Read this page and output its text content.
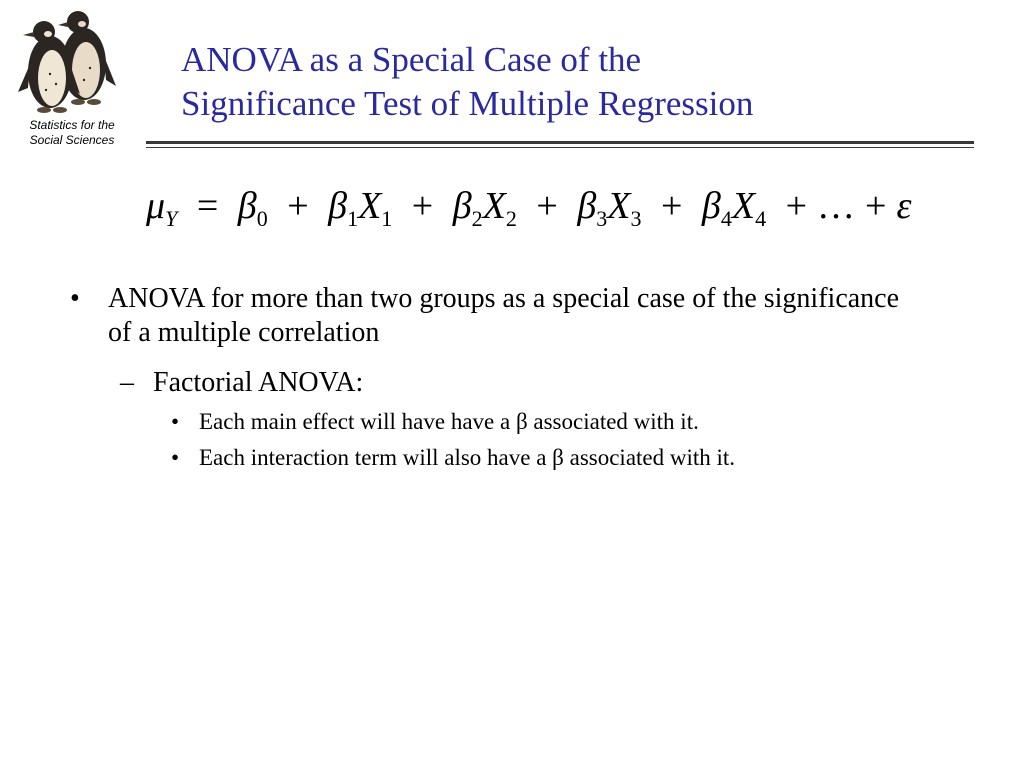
Statistics for the
Social Sciences
ANOVA as a Special Case of the
Significance Test of Multiple Regression
$\mu_Y = \beta_0 + \beta_1X_1 + \beta_2X_2 + \beta_3X_3 + \beta_4X_4$ + … + ε
• ANOVA for more than two groups as a special case of the significance of a multiple correlation
– Factorial ANOVA:
• Each main effect will have have a β associated with it.
• Each interaction term will also have a β associated with it.
